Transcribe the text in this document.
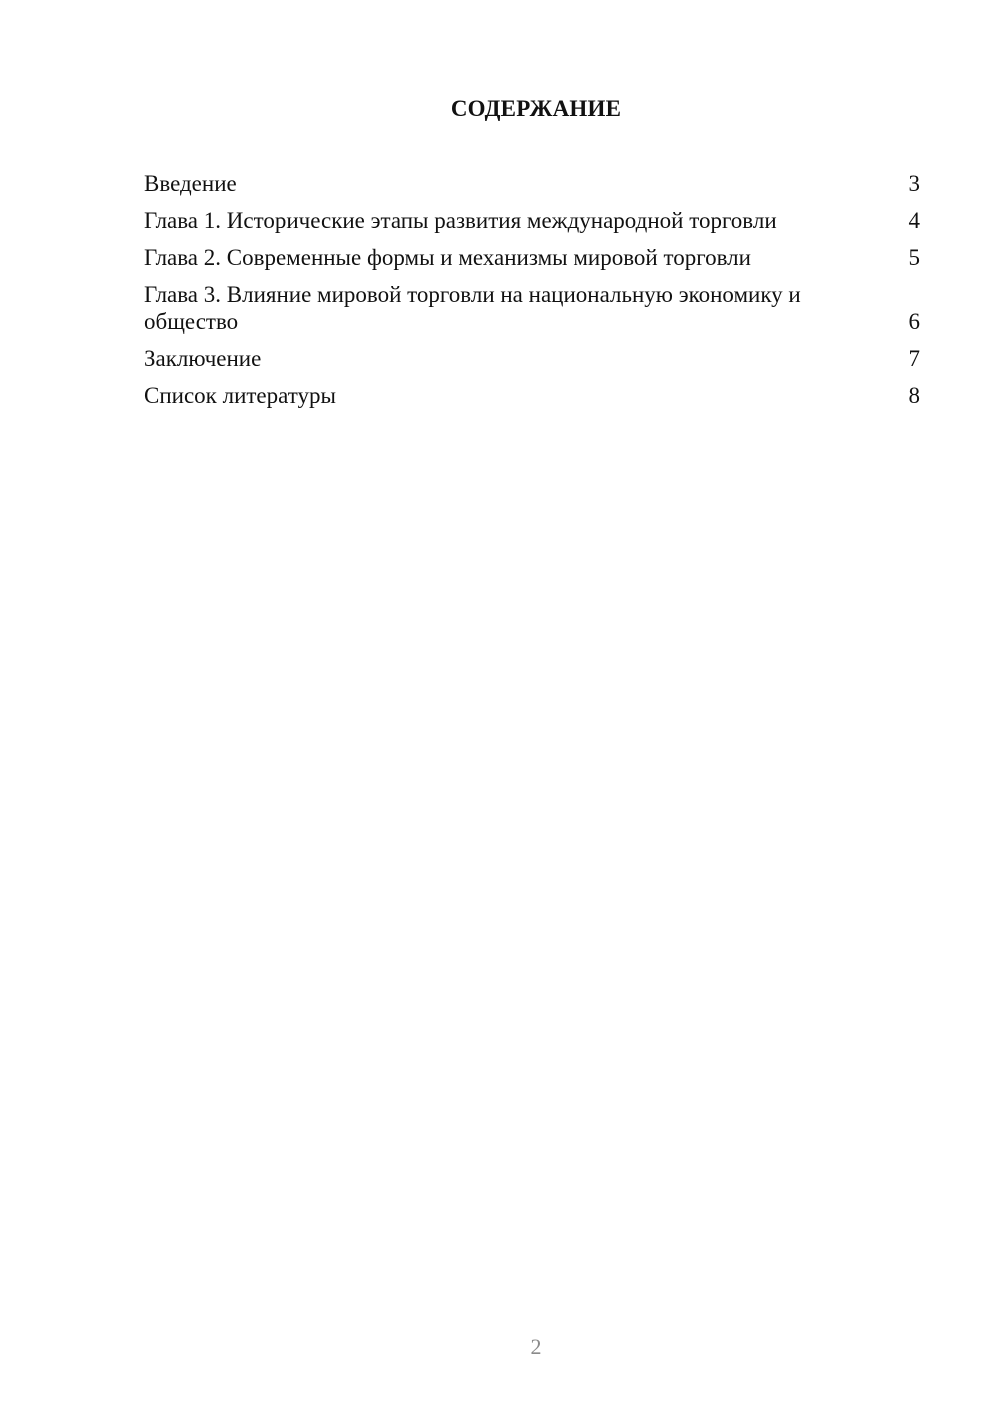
СОДЕРЖАНИЕ
Введение	3
Глава 1. Исторические этапы развития международной торговли	4
Глава 2. Современные формы и механизмы мировой торговли	5
Глава 3. Влияние мировой торговли на национальную экономику и общество	6
Заключение	7
Список литературы	8
2
